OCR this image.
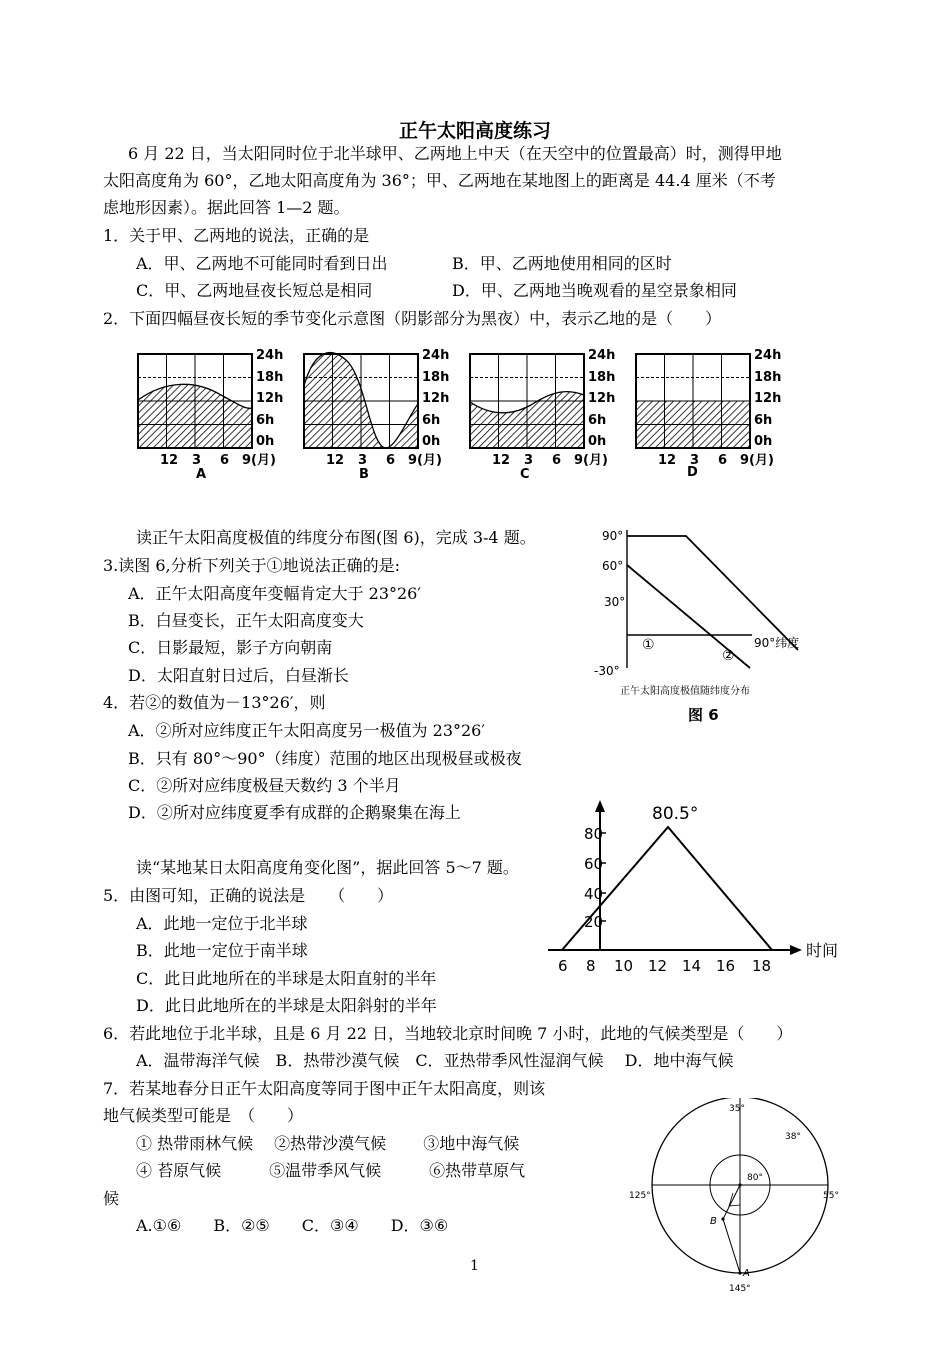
正午太阳高度练习
6 月 22 日，当太阳同时位于北半球甲、乙两地上中天（在天空中的位置最高）时，测得甲地
太阳高度角为 60°，乙地太阳高度角为 36°；甲、乙两地在某地图上的距离是 44.4 厘米（不考
虑地形因素）。据此回答 1—2 题。
1．关于甲、乙两地的说法，正确的是
A．甲、乙两地不可能同时看到日出	B．甲、乙两地使用相同的区时
C．甲、乙两地昼夜长短总是相同	D．甲、乙两地当晚观看的星空景象相同
2．下面四幅昼夜长短的季节变化示意图（阴影部分为黑夜）中，表示乙地的是（　　）
24h
18h
12h
6h
0h
24h
18h
12h
6h
0h
24h
18h
12h
6h
0h
24h
18h
12h
6h
0h
12 3 6 9(月)	12 3 6 9(月)	12 3 6 9(月)	12 3 6 9(月)
A	B	C	D
读正午太阳高度极值的纬度分布图(图 6)，完成 3-4 题。
3.读图 6,分析下列关于①地说法正确的是:
A．正午太阳高度年变幅肯定大于 23°26′
B．白昼变长，正午太阳高度变大
C．日影最短，影子方向朝南
D．太阳直射日过后，白昼渐长
4．若②的数值为－13°26′，则
A．②所对应纬度正午太阳高度另一极值为 23°26′
B．只有 80°～90°（纬度）范围的地区出现极昼或极夜
C．②所对应纬度极昼天数约 3 个半月
D．②所对应纬度夏季有成群的企鹅聚集在海上
90°
60°
30°
-30°
①
②
90°纬度
正午太阳高度极值随纬度分布
图 6
读“某地某日太阳高度角变化图”，据此回答 5～7 题。
5．由图可知，正确的说法是　　（　　）
A．此地一定位于北半球
B．此地一定位于南半球
C．此日此地所在的半球是太阳直射的半年
D．此日此地所在的半球是太阳斜射的半年
6．若此地位于北半球，且是 6 月 22 日，当地较北京时间晚 7 小时，此地的气候类型是（　　）
A．温带海洋气候　B．热带沙漠气候　C．亚热带季风性湿润气候　 D．地中海气候
7．若某地春分日正午太阳高度等同于图中正午太阳高度，则该
地气候类型可能是　（　　）
① 热带雨林气候　 ②热带沙漠气候　　 ③地中海气候
④ 苔原气候　　　⑤温带季风气候　　　⑥热带草原气
候
A.①⑥　　B．②⑤　　C．③④　　D．③⑥
80.5°
80
60
40
20
6 8 10 12 14 16 18
时间
35°
38°
125°	55°
145°
80°
B
A
1
